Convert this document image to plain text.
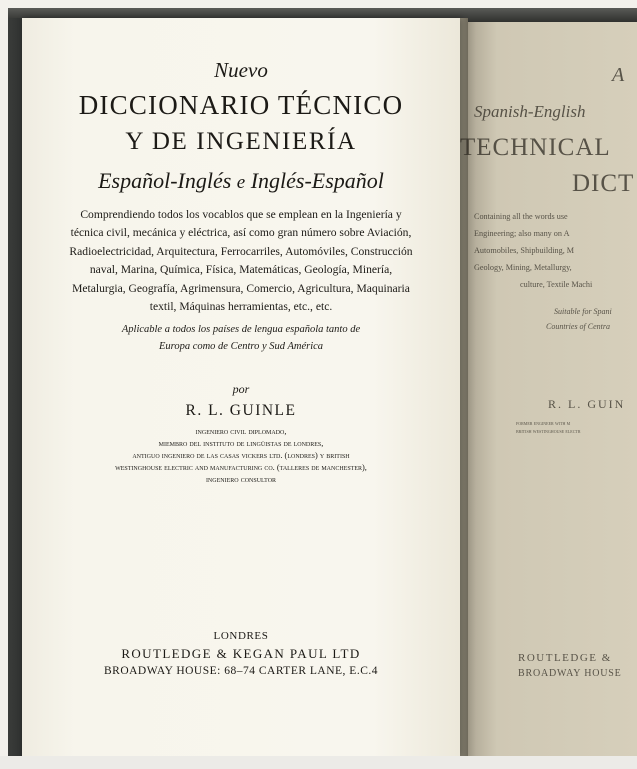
Nuevo
DICCIONARIO TÉCNICO
Y DE INGENIERÍA
Español-Inglés e Inglés-Español
Comprendiendo todos los vocablos que se emplean en la Ingeniería y
técnica civil, mecánica y eléctrica, así como gran número sobre Aviación,
Radioelectricidad, Arquitectura, Ferrocarriles, Automóviles, Construcción
naval, Marina, Química, Física, Matemáticas, Geología, Minería,
Metalurgia, Geografía, Agrimensura, Comercio, Agricultura, Maquinaria
textil, Máquinas herramientas, etc., etc.
Aplicable a todos los países de lengua española tanto de
Europa como de Centro y Sud América
por
R. L. GUINLE
ingeniero civil diplomado,
miembro del instituto de lingüistas de londres,
antiguo ingeniero de las casas vickers ltd. (londres) y british
westinghouse electric and manufacturing co. (talleres de manchester),
ingeniero consultor
LONDRES
ROUTLEDGE & KEGAN PAUL LTD
BROADWAY HOUSE: 68–74 CARTER LANE, E.C.4
A
Spanish-English
TECHNICAL
DICT
Containing all the words use
Engineering; also many on A
Automobiles, Shipbuilding, M
Geology, Mining, Metallurgy,
culture, Textile Machi
Suitable for Spani
Countries of Centra
R. L. GUIN
former engineer with m
british westinghouse electr
ROUTLEDGE &
BROADWAY HOUSE
